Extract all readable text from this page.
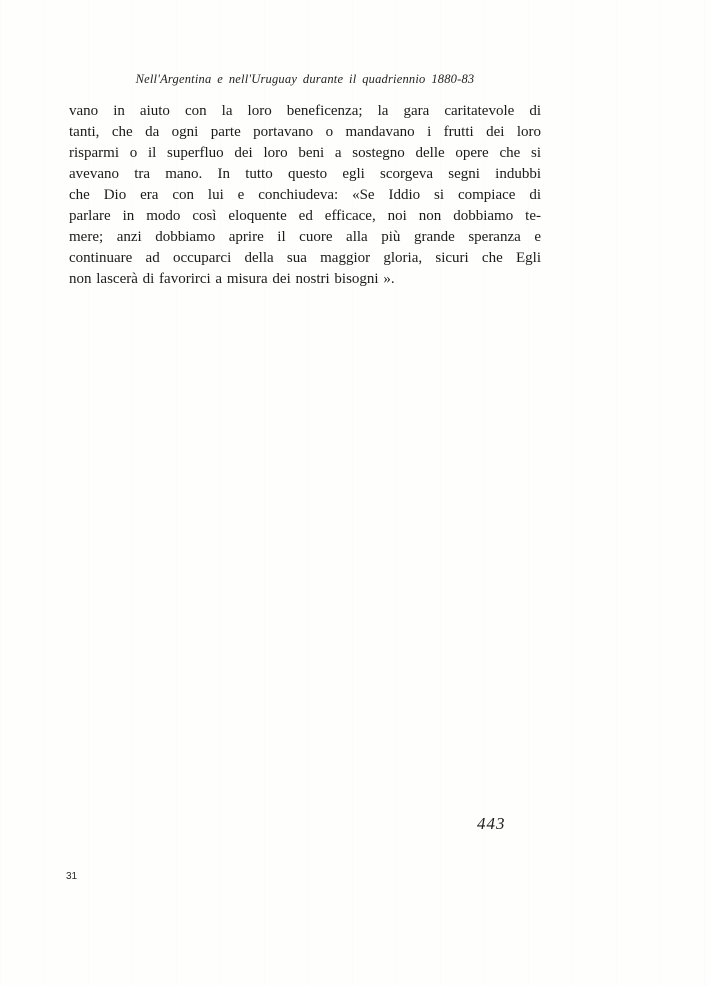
Nell'Argentina e nell'Uruguay durante il quadriennio 1880-83
vano in aiuto con la loro beneficenza; la gara caritatevole di
tanti, che da ogni parte portavano o mandavano i frutti dei loro
risparmi o il superfluo dei loro beni a sostegno delle opere che si
avevano tra mano. In tutto questo egli scorgeva segni indubbi
che Dio era con lui e conchiudeva: «Se Iddio si compiace di
parlare in modo così eloquente ed efficace, noi non dobbiamo te-
mere; anzi dobbiamo aprire il cuore alla più grande speranza e
continuare ad occuparci della sua maggior gloria, sicuri che Egli
non lascerà di favorirci a misura dei nostri bisogni ».
443
31
